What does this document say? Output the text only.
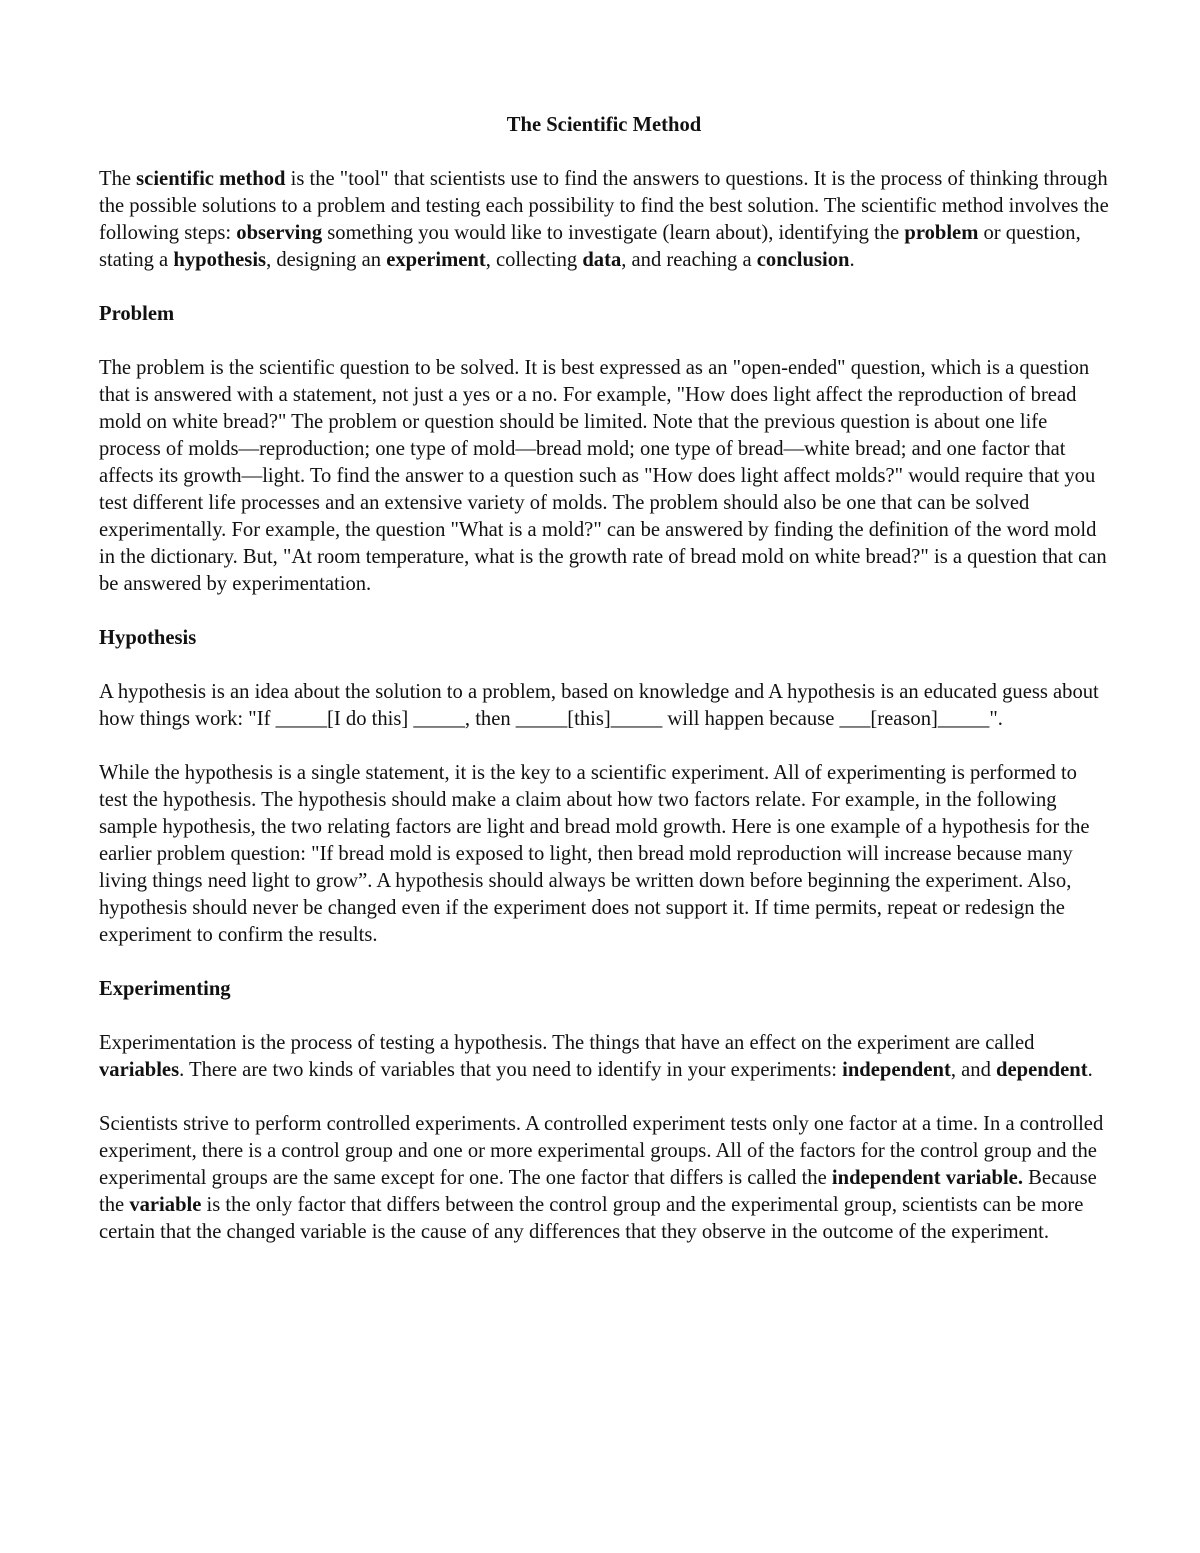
The Scientific Method

The scientific method is the "tool" that scientists use to find the answers to questions. It is the process of thinking through the possible solutions to a problem and testing each possibility to find the best solution. The scientific method involves the following steps: observing something you would like to investigate (learn about), identifying the problem or question, stating a hypothesis, designing an experiment, collecting data, and reaching a conclusion.

Problem

The problem is the scientific question to be solved. It is best expressed as an "open-ended" question, which is a question that is answered with a statement, not just a yes or a no. For example, "How does light affect the reproduction of bread mold on white bread?" The problem or question should be limited. Note that the previous question is about one life process of molds—reproduction; one type of mold—bread mold; one type of bread—white bread; and one factor that affects its growth—light. To find the answer to a question such as "How does light affect molds?" would require that you test different life processes and an extensive variety of molds. The problem should also be one that can be solved experimentally. For example, the question "What is a mold?" can be answered by finding the definition of the word mold in the dictionary. But, "At room temperature, what is the growth rate of bread mold on white bread?" is a question that can be answered by experimentation.

Hypothesis

A hypothesis is an idea about the solution to a problem, based on knowledge and A hypothesis is an educated guess about how things work: "If _____[I do this] _____, then _____[this]_____ will happen because ___[reason]_____".

While the hypothesis is a single statement, it is the key to a scientific experiment. All of experimenting is performed to test the hypothesis. The hypothesis should make a claim about how two factors relate. For example, in the following sample hypothesis, the two relating factors are light and bread mold growth. Here is one example of a hypothesis for the earlier problem question: "If bread mold is exposed to light, then bread mold reproduction will increase because many living things need light to grow”. A hypothesis should always be written down before beginning the experiment. Also, hypothesis should never be changed even if the experiment does not support it. If time permits, repeat or redesign the experiment to confirm the results.

Experimenting

Experimentation is the process of testing a hypothesis. The things that have an effect on the experiment are called variables. There are two kinds of variables that you need to identify in your experiments: independent, and dependent.

Scientists strive to perform controlled experiments. A controlled experiment tests only one factor at a time. In a controlled experiment, there is a control group and one or more experimental groups. All of the factors for the control group and the experimental groups are the same except for one. The one factor that differs is called the independent variable. Because the variable is the only factor that differs between the control group and the experimental group, scientists can be more certain that the changed variable is the cause of any differences that they observe in the outcome of the experiment.
